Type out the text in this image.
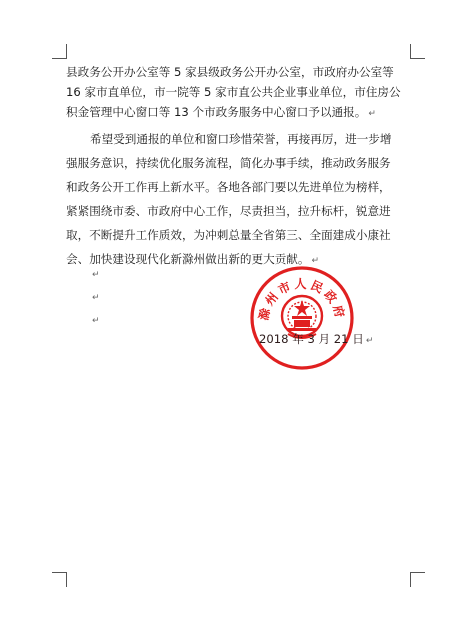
县政务公开办公室等 5 家县级政务公开办公室，市政府办公室等
16 家市直单位，市一院等 5 家市直公共企业事业单位，市住房公
积金管理中心窗口等 13 个市政务服务中心窗口予以通报。 ↵
希望受到通报的单位和窗口珍惜荣誉，再接再厉，进一步增
强服务意识，持续优化服务流程，简化办事手续，推动政务服务
和政务公开工作再上新水平。各地各部门要以先进单位为榜样，
紧紧围绕市委、市政府中心工作，尽责担当，拉升标杆，锐意进
取，不断提升工作质效，为冲刺总量全省第三、全面建成小康社
会、加快建设现代化新滁州做出新的更大贡献。 ↵
↵
↵
↵	滁州市人民政府
2018 年 3 月 21 日 ↵
